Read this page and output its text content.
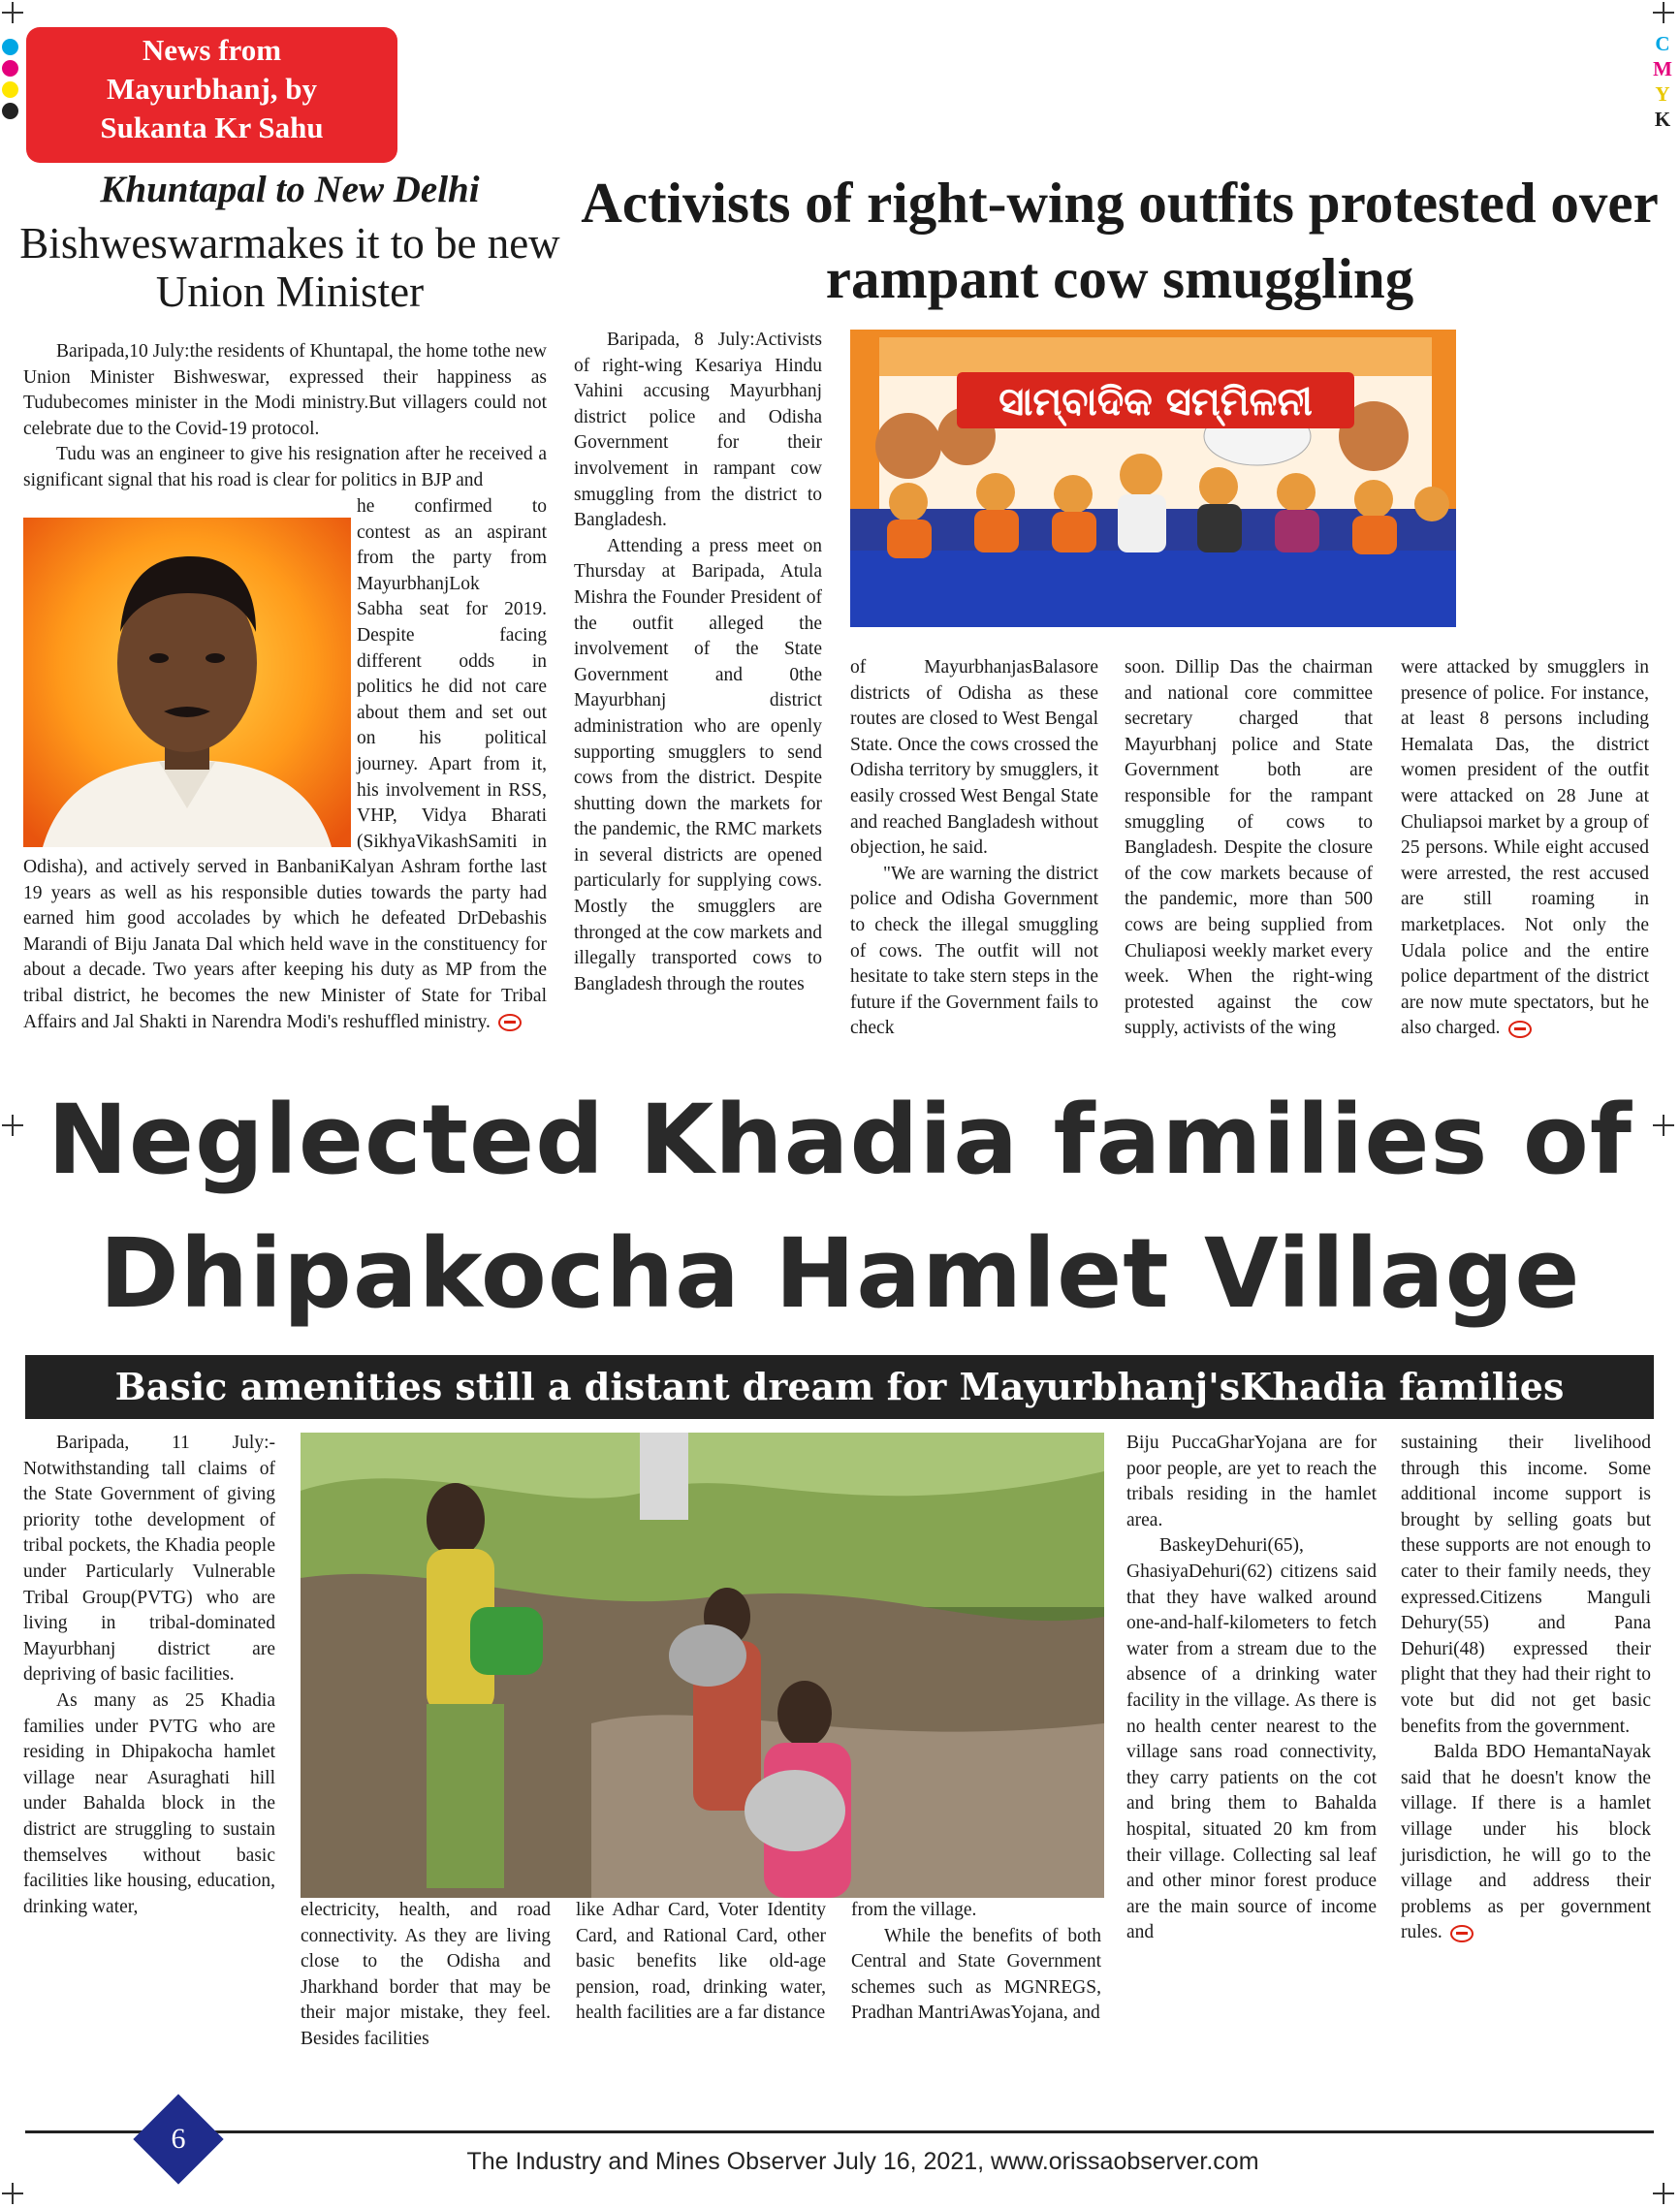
C
M
Y
K
News from
Mayurbhanj, by
Sukanta Kr Sahu
Khuntapal to New Delhi
Bishweswarmakes it to be new Union Minister

Baripada,10 July:the residents of Khuntapal, the home tothe new Union Minister Bishweswar, expressed their happiness as Tudubecomes minister in the Modi ministry.But villagers could not celebrate due to the Covid-19 protocol.

Tudu was an engineer to give his resignation after he received a significant signal that his road is clear for politics in BJP and

he confirmed to
contest as an aspirant
from the party from
MayurbhanjLok
Sabha seat for 2019.
Despite facing
different odds in
politics he did not care
about them and set out
on his political
journey. Apart from it,
his involvement in RSS,
VHP, Vidya Bharati
(SikhyaVikashSamiti in

Odisha), and actively served in BanbaniKalyan Ashram forthe last 19 years as well as his responsible duties towards the party had earned him good accolades by which he defeated DrDebashis Marandi of Biju Janata Dal which held wave in the constituency for about a decade. Two years after keeping his duty as MP from the tribal district, he becomes the new Minister of State for Tribal Affairs and Jal Shakti in Narendra Modi's reshuffled ministry.

Activists of right-wing outfits protested over rampant cow smuggling

Baripada, 8 July:Activists of right-wing Kesariya Hindu Vahini accusing Mayurbhanj district police and Odisha Government for their involvement in rampant cow smuggling from the district to Bangladesh.

Attending a press meet on Thursday at Baripada, Atula Mishra the Founder President of the outfit alleged the involvement of the State Government and 0the Mayurbhanj district administration who are openly supporting smugglers to send cows from the district. Despite shutting down the markets for the pandemic, the RMC markets in several districts are opened particularly for supplying cows. Mostly the smugglers are thronged at the cow markets and illegally transported cows to Bangladesh through the routes

ସାମ୍ବାଦିକ ସମ୍ମିଳନୀ

of MayurbhanjasBalasore districts of Odisha as these routes are closed to West Bengal State. Once the cows crossed the Odisha territory by smugglers, it easily crossed West Bengal State and reached Bangladesh without objection, he said.

"We are warning the district police and Odisha Government to check the illegal smuggling of cows. The outfit will not hesitate to take stern steps in the future if the Government fails to check

soon. Dillip Das the chairman and national core committee secretary charged that Mayurbhanj police and State Government both are responsible for the rampant smuggling of cows to Bangladesh. Despite the closure of the cow markets because of the pandemic, more than 500 cows are being supplied from Chuliaposi weekly market every week. When the right-wing protested against the cow supply, activists of the wing

were attacked by smugglers in presence of police. For instance, at least 8 persons including Hemalata Das, the district women president of the outfit were attacked on 28 June at Chuliapsoi market by a group of 25 persons. While eight accused were arrested, the rest accused are still roaming in marketplaces. Not only the Udala police and the entire police department of the district are now mute spectators, but he also charged.

Neglected Khadia families of
Dhipakocha Hamlet Village
Basic amenities still a distant dream for Mayurbhanj'sKhadia families

Baripada, 11 July:-Notwithstanding tall claims of the State Government of giving priority tothe development of tribal pockets, the Khadia people under Particularly Vulnerable Tribal Group(PVTG) who are living in tribal-dominated Mayurbhanj district are depriving of basic facilities.

As many as 25 Khadia families under PVTG who are residing in Dhipakocha hamlet village near Asuraghati hill under Bahalda block in the district are struggling to sustain themselves without basic facilities like housing, education, drinking water,	electricity, health, and road connectivity. As they are living close to the Odisha and Jharkhand border that may be their major mistake, they feel. Besides facilities

like Adhar Card, Voter Identity Card, and Rational Card, other basic benefits like old-age pension, road, drinking water, health facilities are a far distance

from the village.

While the benefits of both Central and State Government schemes such as MGNREGS, Pradhan MantriAwasYojana, and

Biju PuccaGharYojana are for poor people, are yet to reach the tribals residing in the hamlet area.

BaskeyDehuri(65), GhasiyaDehuri(62) citizens said that they have walked around one-and-half-kilometers to fetch water from a stream due to the absence of a drinking water facility in the village. As there is no health center nearest to the village sans road connectivity, they carry patients on the cot and bring them to Bahalda hospital, situated 20 km from their village. Collecting sal leaf and other minor forest produce are the main source of income and

sustaining their livelihood through this income. Some additional income support is brought by selling goats but these supports are not enough to cater to their family needs, they expressed.Citizens Manguli Dehury(55) and Pana Dehuri(48) expressed their plight that they had their right to vote but did not get basic benefits from the government.

Balda BDO HemantaNayak said that he doesn't know the village. If there is a hamlet village under his block jurisdiction, he will go to the village and address their problems as per government rules.

6
The Industry and Mines Observer July 16, 2021, www.orissaobserver.com
